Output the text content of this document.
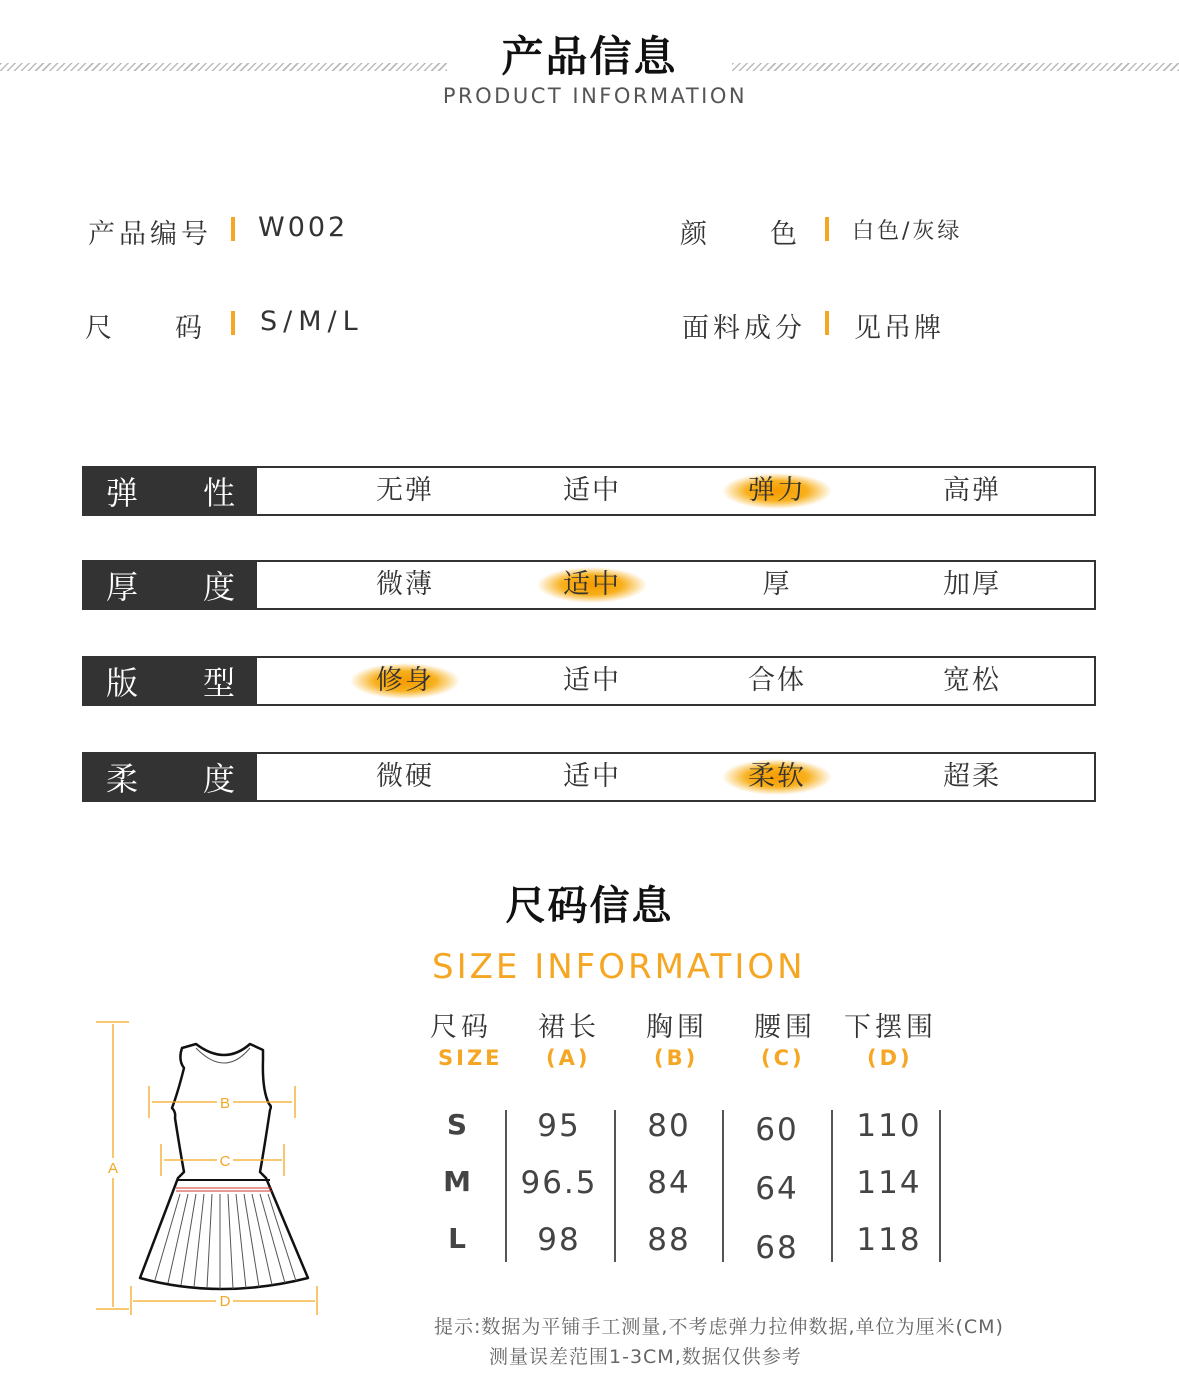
产品信息
PRODUCT INFORMATION
产品编号 W002	颜　　色 白色/灰绿
尺　　码 S/M/L	面料成分 见吊牌
弹 性	无弹	适中	弹力	高弹
厚 度	微薄	适中	厚	加厚
版 型	修身	适中	合体	宽松
柔 度	微硬	适中	柔软	超柔
尺码信息
SIZE INFORMATION
尺码 裙长 胸围 腰围 下摆围
SIZE (A)	(B)	(C)	(D)
S	95	80	60	110
M	96.5	84	64	114
L	98	88	68	118
A
B
C
D
提示:数据为平铺手工测量,不考虑弹力拉伸数据,单位为厘米(CM)
测量误差范围1-3CM,数据仅供参考
